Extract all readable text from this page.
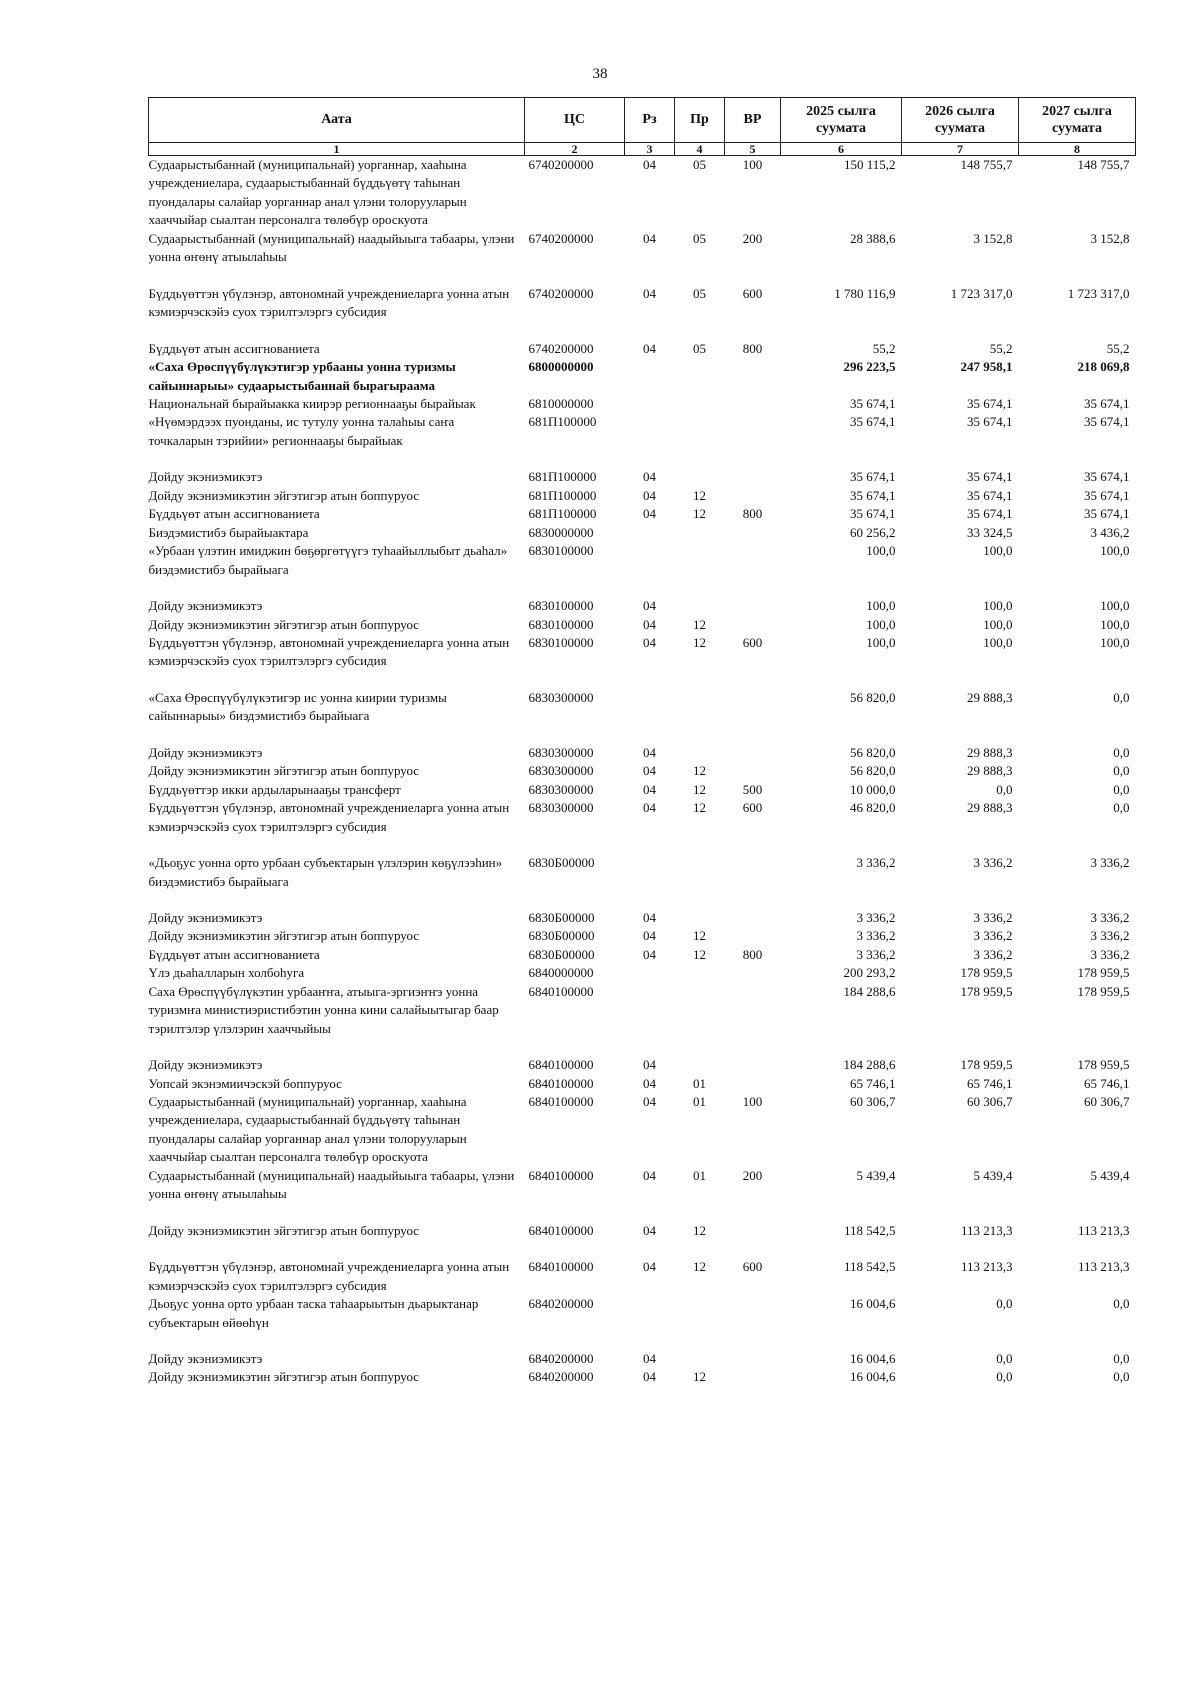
38
Аата	ЦС	Рз	Пр	ВР	2025 сылга суумата	2026 сылга суумата	2027 сылга суумата
1	2	3	4	5	6	7	8
Судаарыстыбаннай (муниципальнай) уорганнар, хааһына учреждениелара, судаарыстыбаннай бүддьүөтү таһынан пуондалары салайар уорганнар анал үлэни толорууларын хааччыйар сыалтан персоналга төлөбүр ороскуота	6740200000	04	05	100	150 115,2	148 755,7	148 755,7
Судаарыстыбаннай (муниципальнай) наадыйыыга табаары, үлэни уонна өҥөнү атыылаһыы	6740200000	04	05	200	28 388,6	3 152,8	3 152,8
Бүддьүөттэн үбүлэнэр, автономнай учреждениеларга уонна атын кэмиэрчэскэйэ суох тэрилтэлэргэ субсидия	6740200000	04	05	600	1 780 116,9	1 723 317,0	1 723 317,0
Бүддьүөт атын ассигнованиета	6740200000	04	05	800	55,2	55,2	55,2
«Саха Өрөспүүбүлүкэтигэр урбааны уонна туризмы сайыннарыы» судаарыстыбаннай бырагыраама	6800000000				296 223,5	247 958,1	218 069,8
Национальнай бырайыакка киирэр регионнааҕы бырайыак	6810000000				35 674,1	35 674,1	35 674,1
«Нүөмэрдээх пуонданы, ис тутулу уонна талаһыы саҥа точкаларын тэрийии» регионнааҕы бырайыак	681П100000				35 674,1	35 674,1	35 674,1
Дойду экэниэмикэтэ	681П100000	04			35 674,1	35 674,1	35 674,1
Дойду экэниэмикэтин эйгэтигэр атын боппуруос	681П100000	04	12		35 674,1	35 674,1	35 674,1
Бүддьүөт атын ассигнованиета	681П100000	04	12	800	35 674,1	35 674,1	35 674,1
Биэдэмистибэ бырайыактара	6830000000				60 256,2	33 324,5	3 436,2
«Урбаан үлэтин имиджин бөҕөргөтүүгэ туһаайыллыбыт дьаһал» биэдэмистибэ бырайыага	6830100000				100,0	100,0	100,0
Дойду экэниэмикэтэ	6830100000	04			100,0	100,0	100,0
Дойду экэниэмикэтин эйгэтигэр атын боппуруос	6830100000	04	12		100,0	100,0	100,0
Бүддьүөттэн үбүлэнэр, автономнай учреждениеларга уонна атын кэмиэрчэскэйэ суох тэрилтэлэргэ субсидия	6830100000	04	12	600	100,0	100,0	100,0
«Саха Өрөспүүбүлүкэтигэр ис уонна киирии туризмы сайыннарыы» биэдэмистибэ бырайыага	6830300000				56 820,0	29 888,3	0,0
Дойду экэниэмикэтэ	6830300000	04			56 820,0	29 888,3	0,0
Дойду экэниэмикэтин эйгэтигэр атын боппуруос	6830300000	04	12		56 820,0	29 888,3	0,0
Бүддьүөттэр икки ардыларынааҕы трансферт	6830300000	04	12	500	10 000,0	0,0	0,0
Бүддьүөттэн үбүлэнэр, автономнай учреждениеларга уонна атын кэмиэрчэскэйэ суох тэрилтэлэргэ субсидия	6830300000	04	12	600	46 820,0	29 888,3	0,0
«Дьоҕус уонна орто урбаан субъектарын үлэлэрин көҕүлээһин» биэдэмистибэ бырайыага	6830Б00000				3 336,2	3 336,2	3 336,2
Дойду экэниэмикэтэ	6830Б00000	04			3 336,2	3 336,2	3 336,2
Дойду экэниэмикэтин эйгэтигэр атын боппуруос	6830Б00000	04	12		3 336,2	3 336,2	3 336,2
Бүддьүөт атын ассигнованиета	6830Б00000	04	12	800	3 336,2	3 336,2	3 336,2
Үлэ дьаһалларын холбоһуга	6840000000				200 293,2	178 959,5	178 959,5
Саха Өрөспүүбүлүкэтин урбааҥҥа, атыыга-эргиэҥҥэ уонна туризмҥа министиэристибэтин уонна кини салайыытыгар баар тэрилтэлэр үлэлэрин хааччыйыы	6840100000				184 288,6	178 959,5	178 959,5
Дойду экэниэмикэтэ	6840100000	04			184 288,6	178 959,5	178 959,5
Уопсай экэнэмиичэскэй боппуруос	6840100000	04	01		65 746,1	65 746,1	65 746,1
Судаарыстыбаннай (муниципальнай) уорганнар, хааһына учреждениелара, судаарыстыбаннай бүддьүөтү таһынан пуондалары салайар уорганнар анал үлэни толорууларын хааччыйар сыалтан персоналга төлөбүр ороскуота	6840100000	04	01	100	60 306,7	60 306,7	60 306,7
Судаарыстыбаннай (муниципальнай) наадыйыыга табаары, үлэни уонна өҥөнү атыылаһыы	6840100000	04	01	200	5 439,4	5 439,4	5 439,4
Дойду экэниэмикэтин эйгэтигэр атын боппуруос	6840100000	04	12		118 542,5	113 213,3	113 213,3
Бүддьүөттэн үбүлэнэр, автономнай учреждениеларга уонна атын кэмиэрчэскэйэ суох тэрилтэлэргэ субсидия	6840100000	04	12	600	118 542,5	113 213,3	113 213,3
Дьоҕус уонна орто урбаан таска таһаарыытын дьарыктанар субъектарын өйөөһүн	6840200000				16 004,6	0,0	0,0
Дойду экэниэмикэтэ	6840200000	04			16 004,6	0,0	0,0
Дойду экэниэмикэтин эйгэтигэр атын боппуруос	6840200000	04	12		16 004,6	0,0	0,0
